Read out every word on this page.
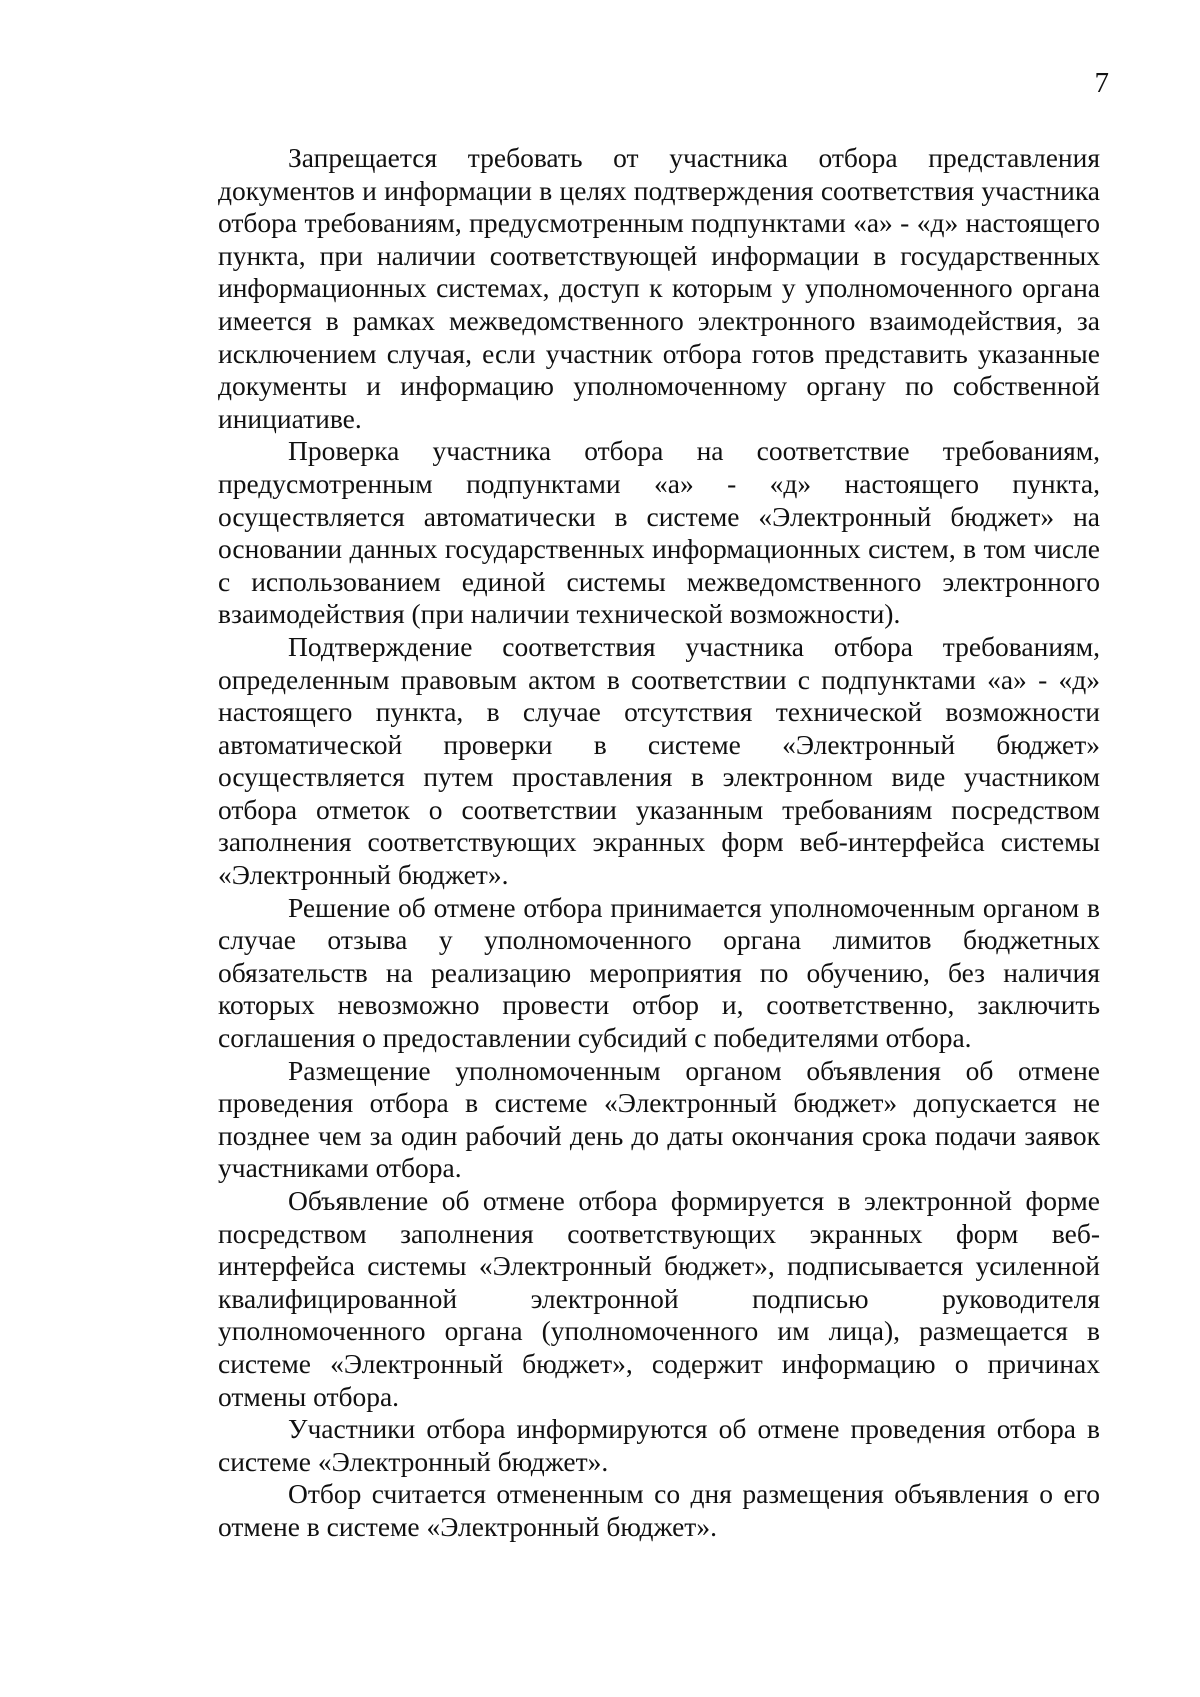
7

Запрещается требовать от участника отбора представления документов и информации в целях подтверждения соответствия участника отбора требованиям, предусмотренным подпунктами «а» - «д» настоящего пункта, при наличии соответствующей информации в государственных информационных системах, доступ к которым у уполномоченного органа имеется в рамках межведомственного электронного взаимодействия, за исключением случая, если участник отбора готов представить указанные документы и информацию уполномоченному органу по собственной инициативе.

Проверка участника отбора на соответствие требованиям, предусмотренным подпунктами «а» - «д» настоящего пункта, осуществляется автоматически в системе «Электронный бюджет» на основании данных государственных информационных систем, в том числе с использованием единой системы межведомственного электронного взаимодействия (при наличии технической возможности).

Подтверждение соответствия участника отбора требованиям, определенным правовым актом в соответствии с подпунктами «а» - «д» настоящего пункта, в случае отсутствия технической возможности автоматической проверки в системе «Электронный бюджет» осуществляется путем проставления в электронном виде участником отбора отметок о соответствии указанным требованиям посредством заполнения соответствующих экранных форм веб-интерфейса системы «Электронный бюджет».

Решение об отмене отбора принимается уполномоченным органом в случае отзыва у уполномоченного органа лимитов бюджетных обязательств на реализацию мероприятия по обучению, без наличия которых невозможно провести отбор и, соответственно, заключить соглашения о предоставлении субсидий с победителями отбора.

Размещение уполномоченным органом объявления об отмене проведения отбора в системе «Электронный бюджет» допускается не позднее чем за один рабочий день до даты окончания срока подачи заявок участниками отбора.

Объявление об отмене отбора формируется в электронной форме посредством заполнения соответствующих экранных форм веб-интерфейса системы «Электронный бюджет», подписывается усиленной квалифицированной электронной подписью руководителя уполномоченного органа (уполномоченного им лица), размещается в системе «Электронный бюджет», содержит информацию о причинах отмены отбора.

Участники отбора информируются об отмене проведения отбора в системе «Электронный бюджет».

Отбор считается отмененным со дня размещения объявления о его отмене в системе «Электронный бюджет».
